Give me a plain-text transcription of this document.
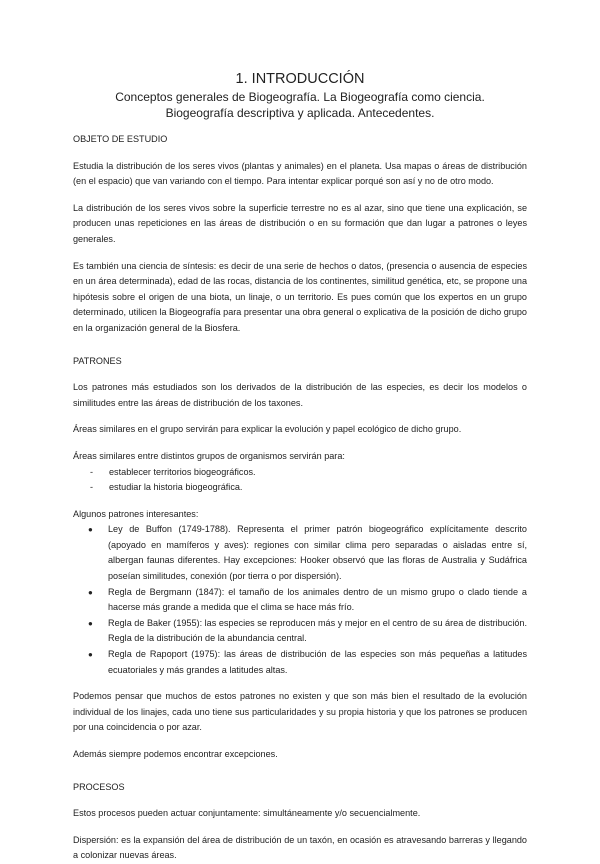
1. INTRODUCCIÓN
Conceptos generales de Biogeografía. La Biogeografía como ciencia.
Biogeografía descriptiva y aplicada. Antecedentes.
OBJETO DE ESTUDIO

Estudia la distribución de los seres vivos (plantas y animales) en el planeta. Usa mapas o áreas de distribución (en el espacio) que van variando con el tiempo. Para intentar explicar porqué son así y no de otro modo.

La distribución de los seres vivos sobre la superficie terrestre no es al azar, sino que tiene una explicación, se producen unas repeticiones en las áreas de distribución o en su formación que dan lugar a patrones o leyes generales.

Es también una ciencia de síntesis: es decir de una serie de hechos o datos, (presencia o ausencia de especies en un área determinada), edad de las rocas, distancia de los continentes, similitud genética, etc, se propone una hipótesis sobre el origen de una biota, un linaje, o un territorio. Es pues común que los expertos en un grupo determinado, utilicen la Biogeografía para presentar una obra general o explicativa de la posición de dicho grupo en la organización general de la Biosfera.

PATRONES

Los patrones más estudiados son los derivados de la distribución de las especies, es decir los modelos o similitudes entre las áreas de distribución de los taxones.

Áreas similares en el grupo servirán para explicar la evolución y papel ecológico de dicho grupo.

Áreas similares entre distintos grupos de organismos servirán para:

- establecer territorios biogeográficos.
- estudiar la historia biogeográfica.

Algunos patrones interesantes:

● Ley de Buffon (1749-1788). Representa el primer patrón biogeográfico explícitamente descrito (apoyado en mamíferos y aves): regiones con similar clima pero separadas o aisladas entre sí, albergan faunas diferentes. Hay excepciones: Hooker observó que las floras de Australia y Sudáfrica poseían similitudes, conexión (por tierra o por dispersión).
● Regla de Bergmann (1847): el tamaño de los animales dentro de un mismo grupo o clado tiende a hacerse más grande a medida que el clima se hace más frío.
● Regla de Baker (1955): las especies se reproducen más y mejor en el centro de su área de distribución. Regla de la distribución de la abundancia central.
● Regla de Rapoport (1975): las áreas de distribución de las especies son más pequeñas a latitudes ecuatoriales y más grandes a latitudes altas.

Podemos pensar que muchos de estos patrones no existen y que son más bien el resultado de la evolución individual de los linajes, cada uno tiene sus particularidades y su propia historia y que los patrones se producen por una coincidencia o por azar.

Además siempre podemos encontrar excepciones.

PROCESOS

Estos procesos pueden actuar conjuntamente: simultáneamente y/o secuencialmente.

Dispersión: es la expansión del área de distribución de un taxón, en ocasión es atravesando barreras y llegando a colonizar nuevas áreas.
